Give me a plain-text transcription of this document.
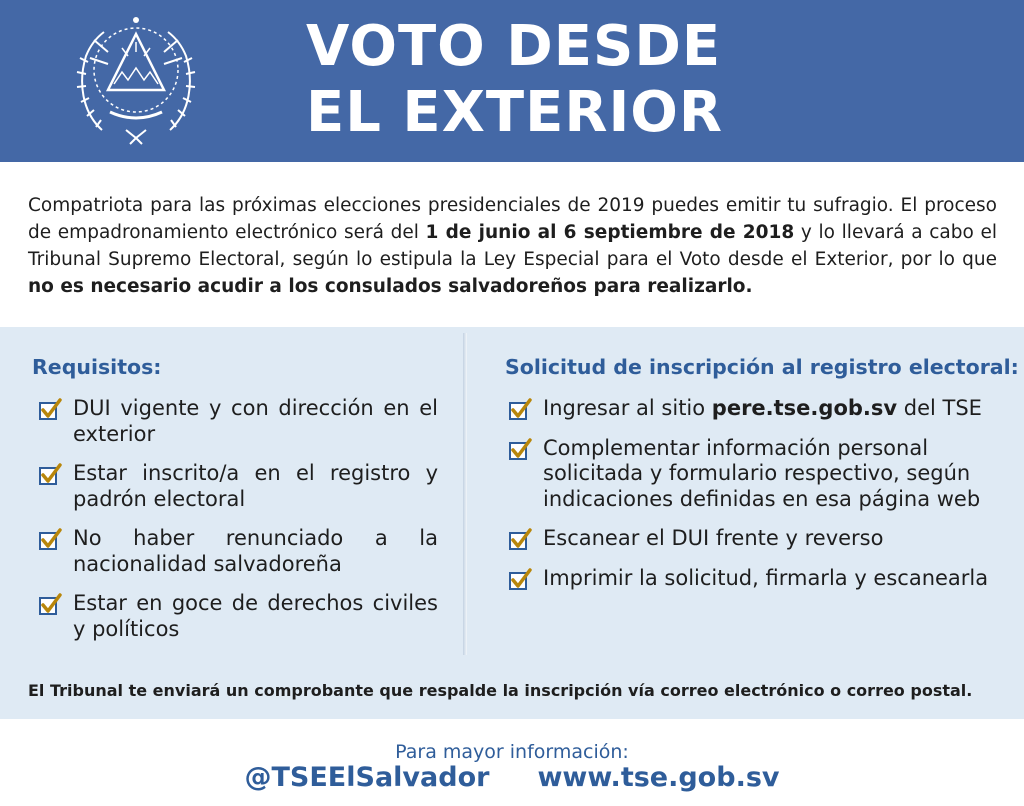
VOTO DESDE
EL EXTERIOR

Compatriota para las próximas elecciones presidenciales de 2019 puedes emitir tu sufragio. El proceso de empadronamiento electrónico será del 1 de junio al 6 septiembre de 2018 y lo llevará a cabo el Tribunal Supremo Electoral, según lo estipula la Ley Especial para el Voto desde el Exterior, por lo que no es necesario acudir a los consulados salvadoreños para realizarlo.

Requisitos:
DUI vigente y con dirección en el exterior
Estar inscrito/a en el registro y padrón electoral
No haber renunciado a la nacionalidad salvadoreña
Estar en goce de derechos civiles y políticos
Solicitud de inscripción al registro electoral:
Ingresar al sitio pere.tse.gob.sv del TSE
Complementar información personal solicitada y formulario respectivo, según indicaciones definidas en esa página web
Escanear el DUI frente y reverso
Imprimir la solicitud, firmarla y escanearla
El Tribunal te enviará un comprobante que respalde la inscripción vía correo electrónico o correo postal.
Para mayor información:
@TSEElSalvador www.tse.gob.sv
